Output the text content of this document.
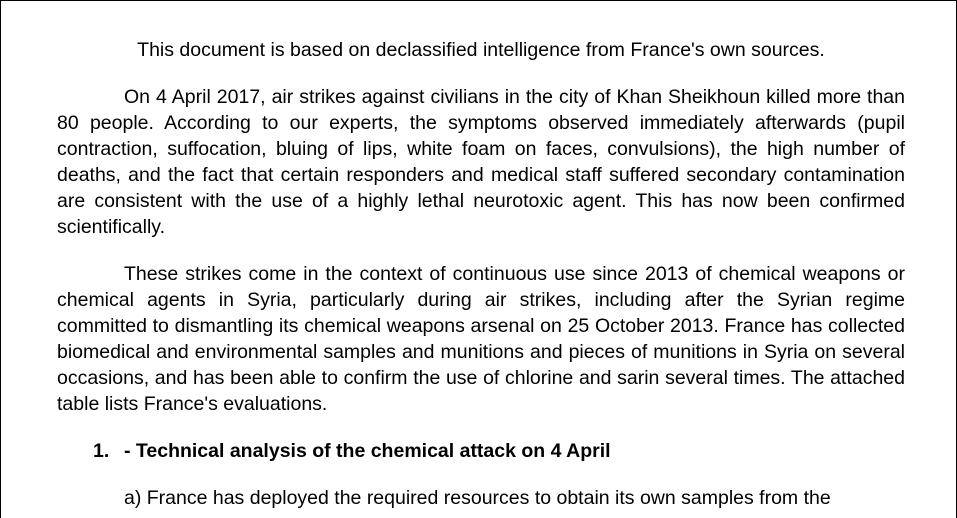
This document is based on declassified intelligence from France's own sources.

On 4 April 2017, air strikes against civilians in the city of Khan Sheikhoun killed more than 80 people. According to our experts, the symptoms observed immediately afterwards (pupil contraction, suffocation, bluing of lips, white foam on faces, convulsions), the high number of deaths, and the fact that certain responders and medical staff suffered secondary contamination are consistent with the use of a highly lethal neurotoxic agent. This has now been confirmed scientifically.

These strikes come in the context of continuous use since 2013 of chemical weapons or chemical agents in Syria, particularly during air strikes, including after the Syrian regime committed to dismantling its chemical weapons arsenal on 25 October 2013. France has collected biomedical and environmental samples and munitions and pieces of munitions in Syria on several occasions, and has been able to confirm the use of chlorine and sarin several times. The attached table lists France's evaluations.

1. - Technical analysis of the chemical attack on 4 April

a) France has deployed the required resources to obtain its own samples from the
